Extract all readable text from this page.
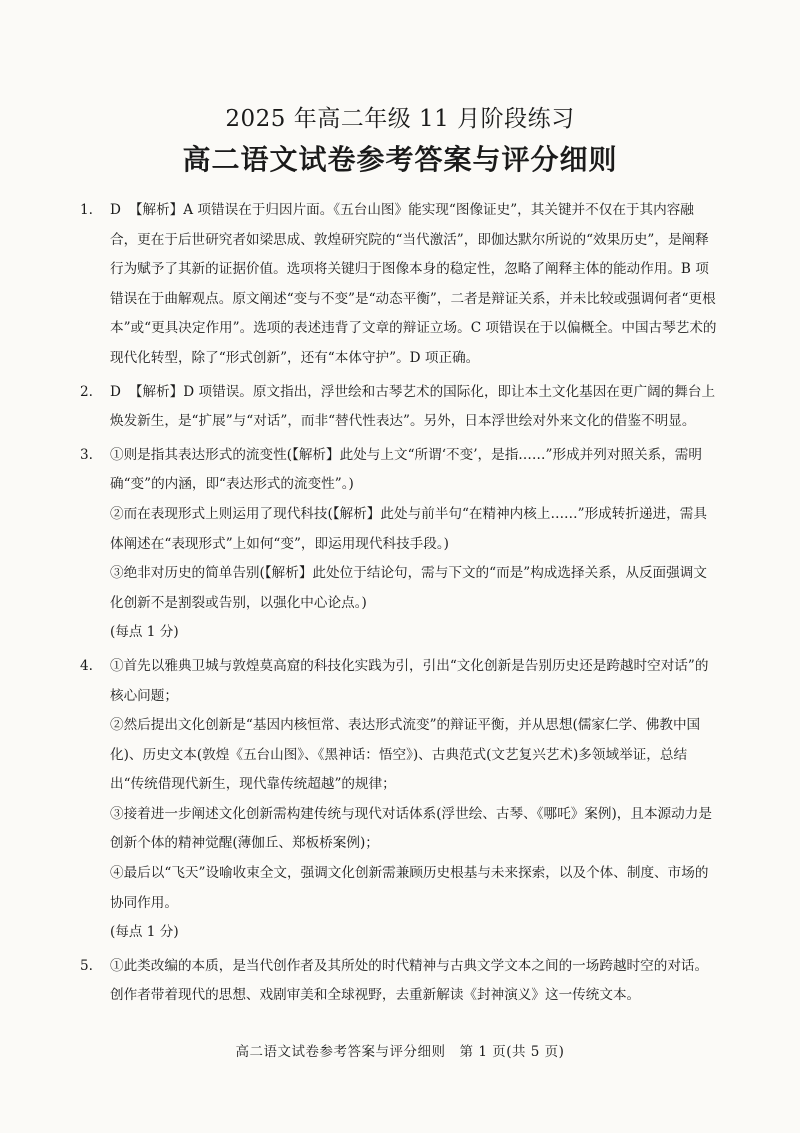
2025 年高二年级 11 月阶段练习
高二语文试卷参考答案与评分细则
1.	D 【解析】A 项错误在于归因片面。《五台山图》能实现“图像证史”，其关键并不仅在于其内容融合，更在于后世研究者如梁思成、敦煌研究院的“当代激活”，即伽达默尔所说的“效果历史”，是阐释行为赋予了其新的证据价值。选项将关键归于图像本身的稳定性，忽略了阐释主体的能动作用。B 项错误在于曲解观点。原文阐述“变与不变”是“动态平衡”，二者是辩证关系，并未比较或强调何者“更根本”或“更具决定作用”。选项的表述违背了文章的辩证立场。C 项错误在于以偏概全。中国古琴艺术的现代化转型，除了“形式创新”，还有“本体守护”。D 项正确。
2.	D 【解析】D 项错误。原文指出，浮世绘和古琴艺术的国际化，即让本土文化基因在更广阔的舞台上焕发新生，是“扩展”与“对话”，而非“替代性表达”。另外，日本浮世绘对外来文化的借鉴不明显。
3.	①则是指其表达形式的流变性(【解析】此处与上文“所谓‘不变’，是指……”形成并列对照关系，需明确“变”的内涵，即“表达形式的流变性”。)
②而在表现形式上则运用了现代科技(【解析】此处与前半句“在精神内核上……”形成转折递进，需具体阐述在“表现形式”上如何“变”，即运用现代科技手段。)
③绝非对历史的简单告别(【解析】此处位于结论句，需与下文的“而是”构成选择关系，从反面强调文化创新不是割裂或告别，以强化中心论点。)
(每点 1 分)
4.	①首先以雅典卫城与敦煌莫高窟的科技化实践为引，引出“文化创新是告别历史还是跨越时空对话”的核心问题；
②然后提出文化创新是“基因内核恒常、表达形式流变”的辩证平衡，并从思想(儒家仁学、佛教中国化)、历史文本(敦煌《五台山图》、《黑神话：悟空》)、古典范式(文艺复兴艺术)多领域举证，总结出“传统借现代新生，现代靠传统超越”的规律；
③接着进一步阐述文化创新需构建传统与现代对话体系(浮世绘、古琴、《哪吒》案例)，且本源动力是创新个体的精神觉醒(薄伽丘、郑板桥案例)；
④最后以“飞天”设喻收束全文，强调文化创新需兼顾历史根基与未来探索，以及个体、制度、市场的协同作用。
(每点 1 分)
5.	①此类改编的本质，是当代创作者及其所处的时代精神与古典文学文本之间的一场跨越时空的对话。创作者带着现代的思想、戏剧审美和全球视野，去重新解读《封神演义》这一传统文本。
高二语文试卷参考答案与评分细则　第 1 页(共 5 页)
